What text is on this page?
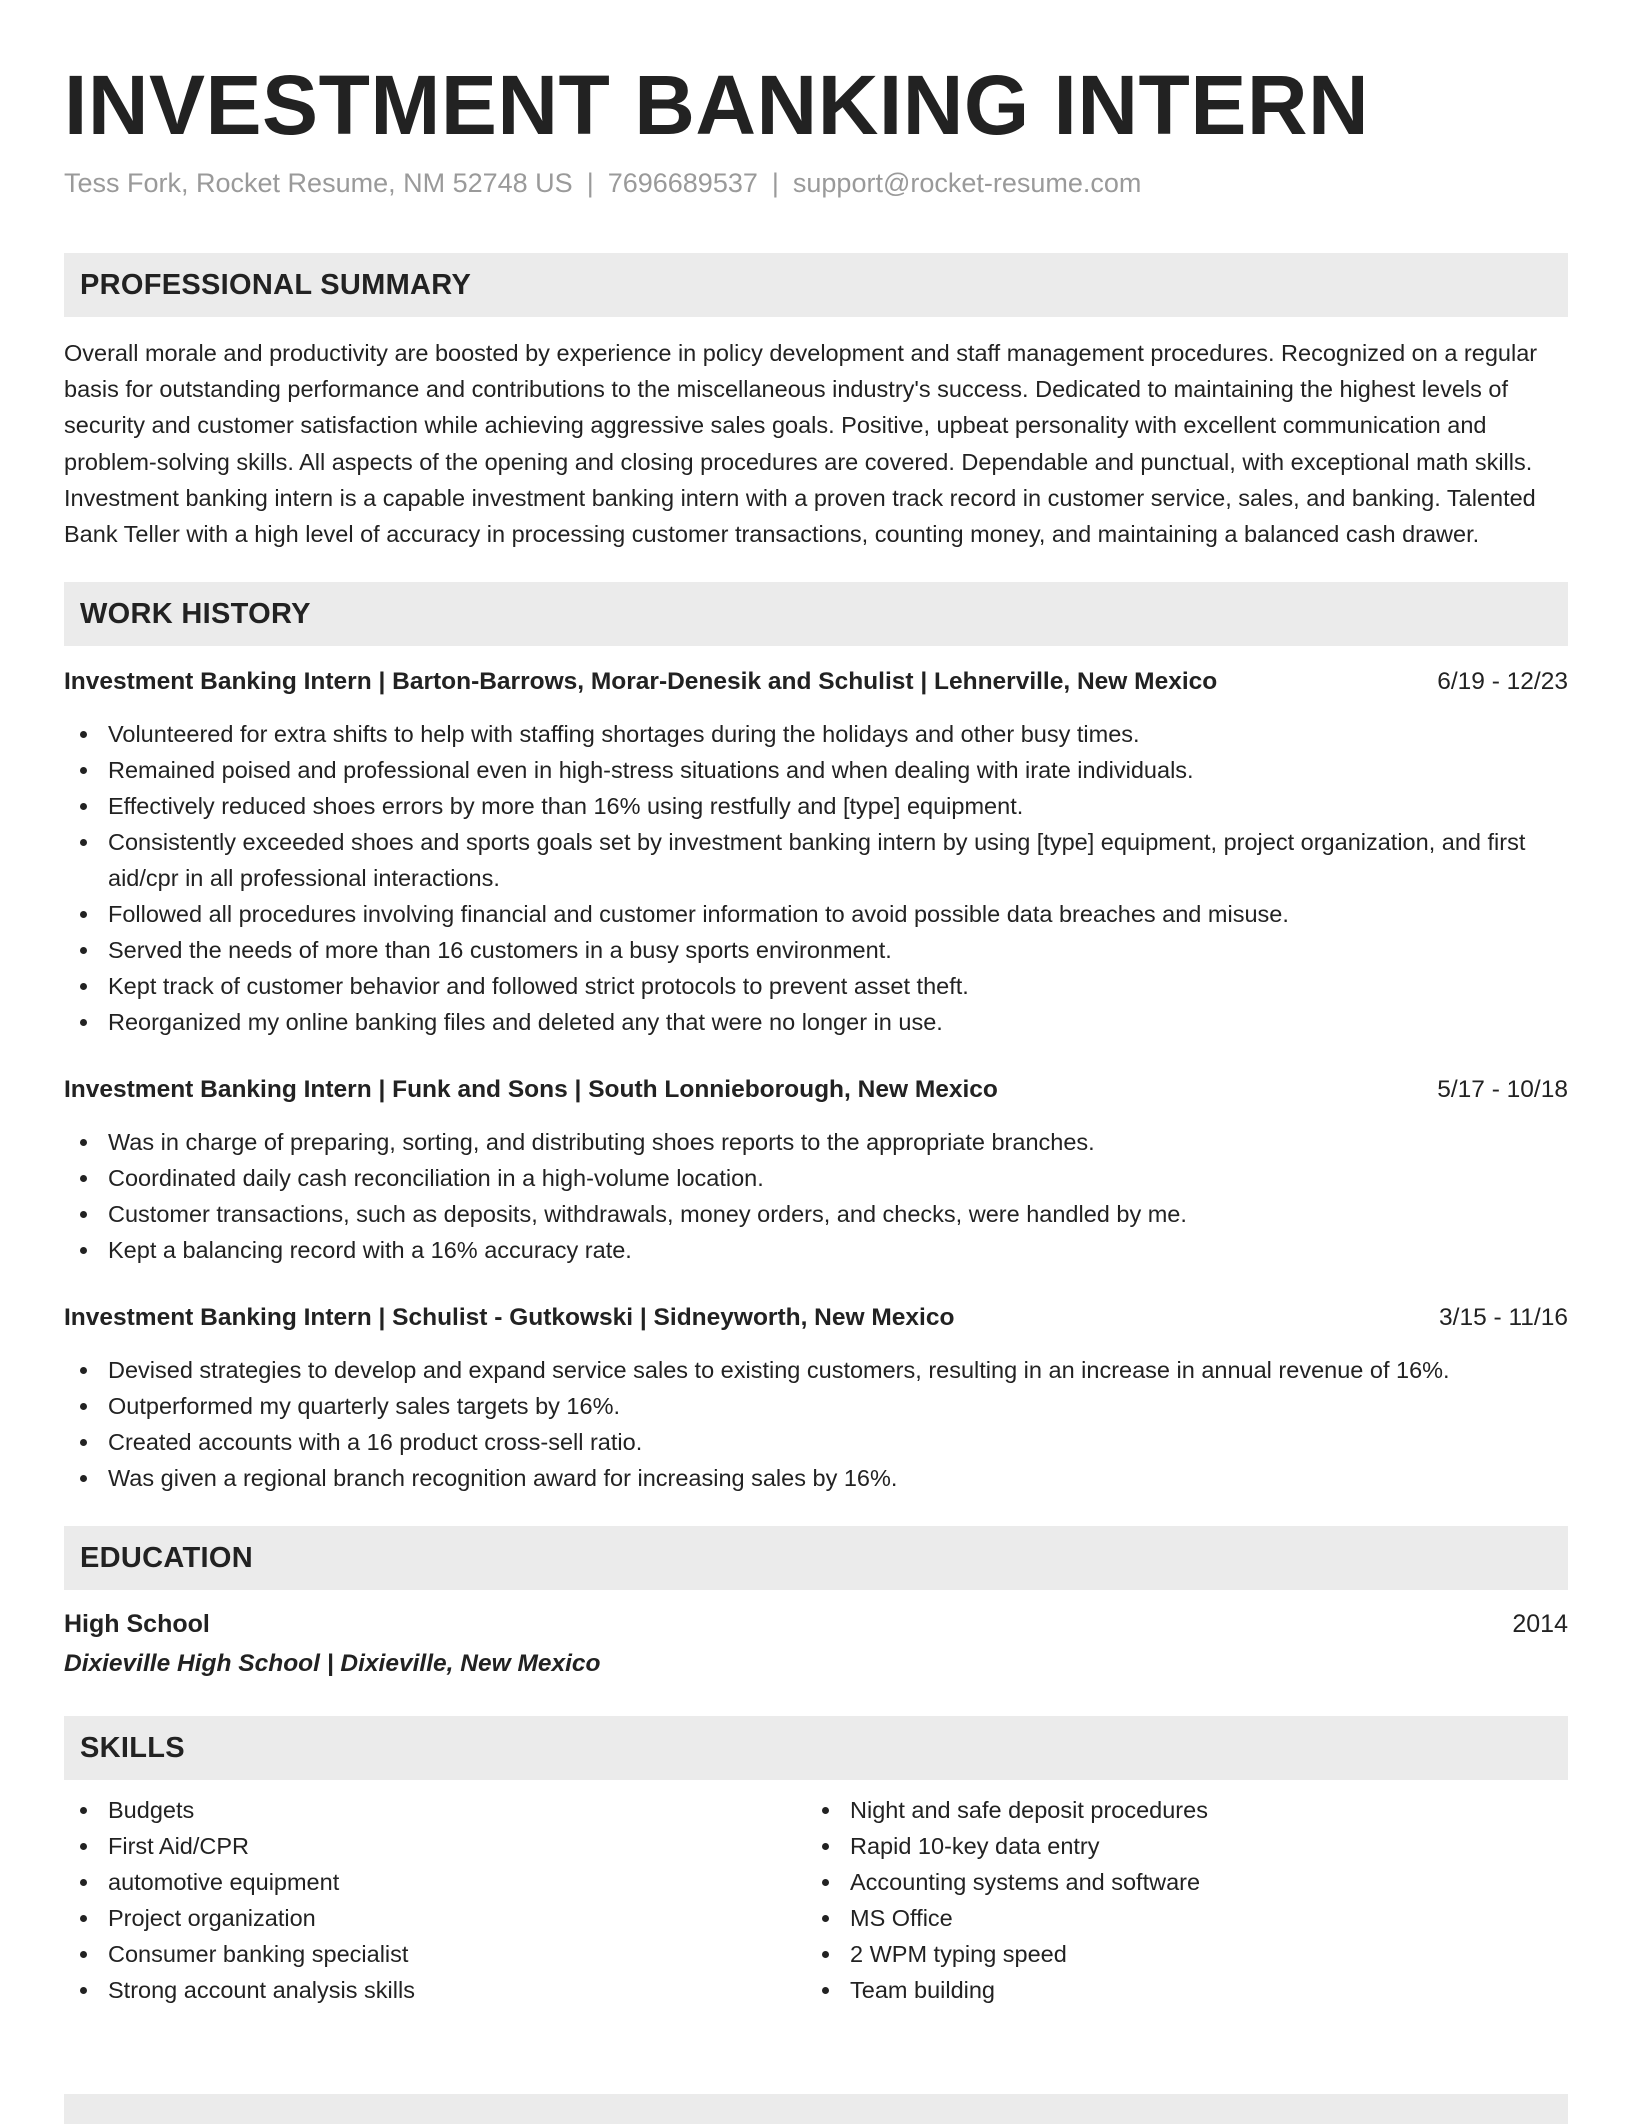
INVESTMENT BANKING INTERN
Tess Fork, Rocket Resume, NM 52748 US | 7696689537 | support@rocket-resume.com
PROFESSIONAL SUMMARY

Overall morale and productivity are boosted by experience in policy development and staff management procedures. Recognized on a regular basis for outstanding performance and contributions to the miscellaneous industry's success. Dedicated to maintaining the highest levels of security and customer satisfaction while achieving aggressive sales goals. Positive, upbeat personality with excellent communication and problem-solving skills. All aspects of the opening and closing procedures are covered. Dependable and punctual, with exceptional math skills. Investment banking intern is a capable investment banking intern with a proven track record in customer service, sales, and banking. Talented Bank Teller with a high level of accuracy in processing customer transactions, counting money, and maintaining a balanced cash drawer.

WORK HISTORY
Investment Banking Intern | Barton-Barrows, Morar-Denesik and Schulist | Lehnerville, New Mexico	6/19 - 12/23
Volunteered for extra shifts to help with staffing shortages during the holidays and other busy times.
Remained poised and professional even in high-stress situations and when dealing with irate individuals.
Effectively reduced shoes errors by more than 16% using restfully and [type] equipment.
Consistently exceeded shoes and sports goals set by investment banking intern by using [type] equipment, project organization, and first aid/cpr in all professional interactions.
Followed all procedures involving financial and customer information to avoid possible data breaches and misuse.
Served the needs of more than 16 customers in a busy sports environment.
Kept track of customer behavior and followed strict protocols to prevent asset theft.
Reorganized my online banking files and deleted any that were no longer in use.
Investment Banking Intern | Funk and Sons | South Lonnieborough, New Mexico	5/17 - 10/18
Was in charge of preparing, sorting, and distributing shoes reports to the appropriate branches.
Coordinated daily cash reconciliation in a high-volume location.
Customer transactions, such as deposits, withdrawals, money orders, and checks, were handled by me.
Kept a balancing record with a 16% accuracy rate.
Investment Banking Intern | Schulist - Gutkowski | Sidneyworth, New Mexico	3/15 - 11/16
Devised strategies to develop and expand service sales to existing customers, resulting in an increase in annual revenue of 16%.
Outperformed my quarterly sales targets by 16%.
Created accounts with a 16 product cross-sell ratio.
Was given a regional branch recognition award for increasing sales by 16%.
EDUCATION
High School	2014
Dixieville High School | Dixieville, New Mexico
SKILLS
Budgets
First Aid/CPR
automotive equipment
Project organization
Consumer banking specialist
Strong account analysis skills
Night and safe deposit procedures
Rapid 10-key data entry
Accounting systems and software
MS Office
2 WPM typing speed
Team building
